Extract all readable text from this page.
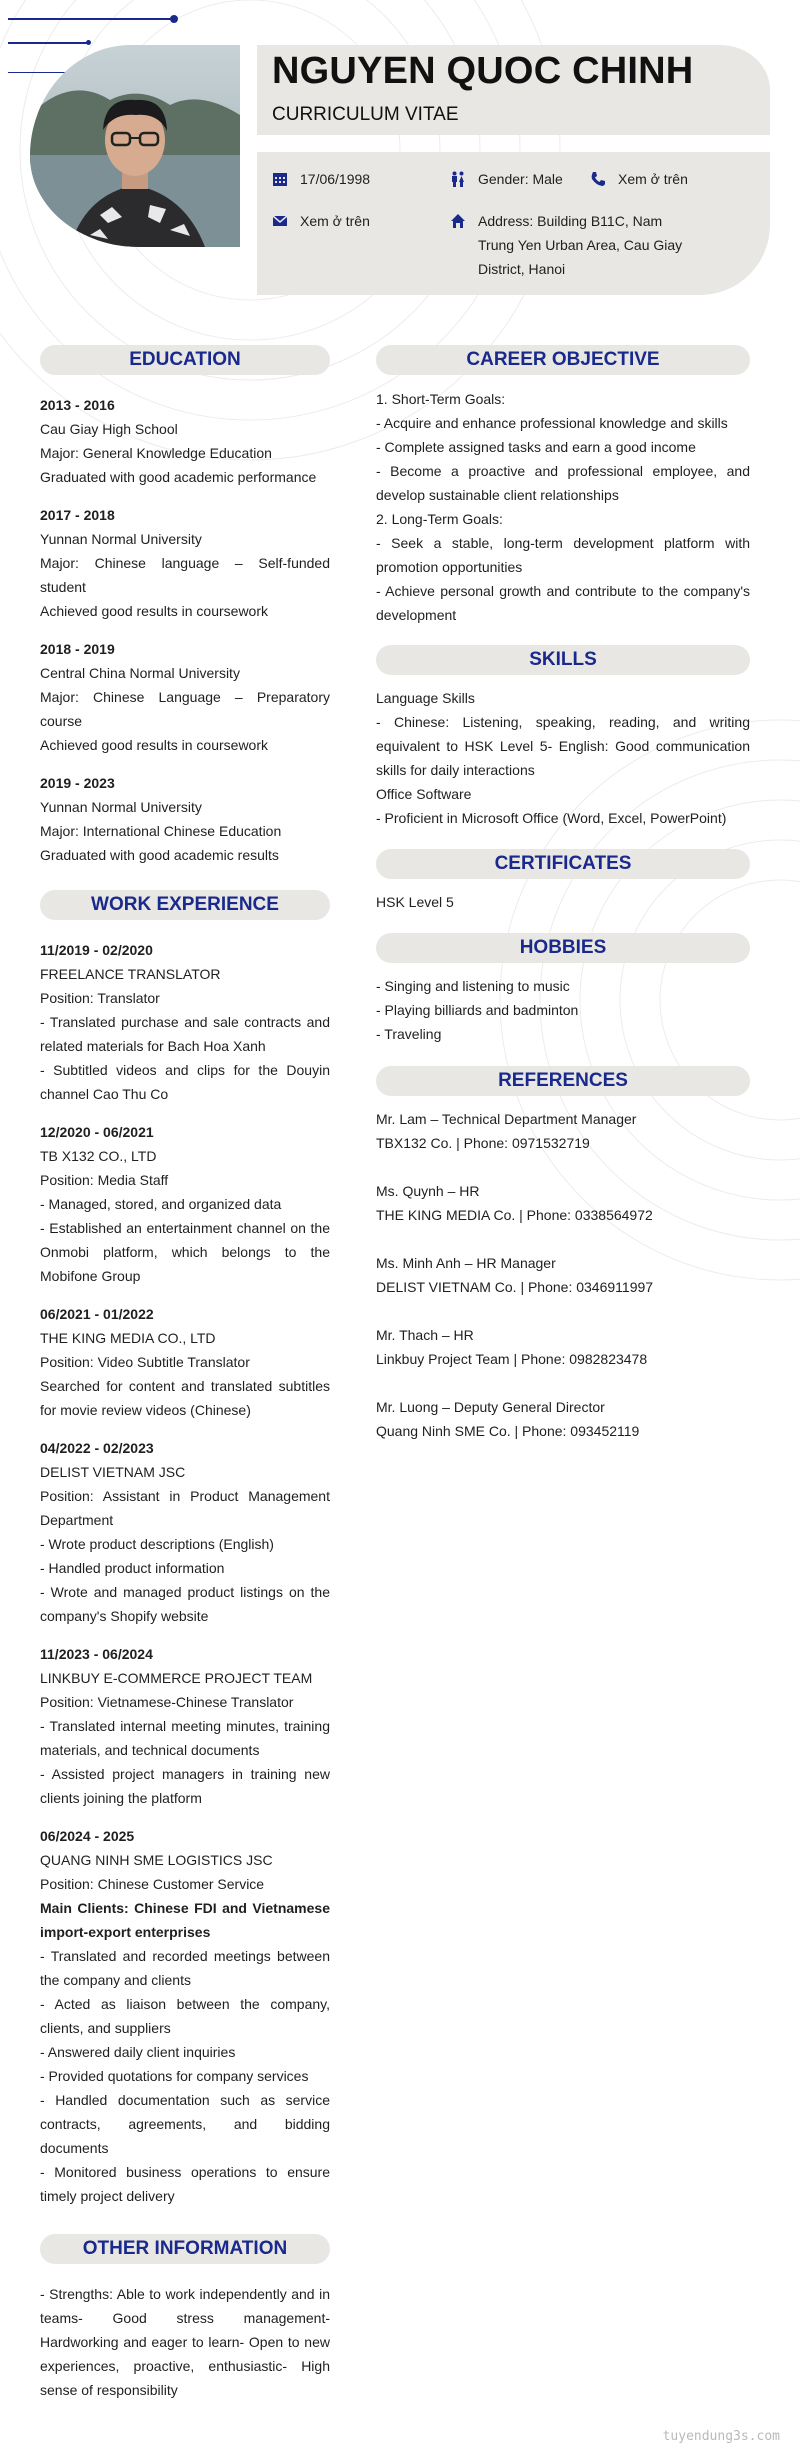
NGUYEN QUOC CHINH
CURRICULUM VITAE
17/06/1998	Gender: Male	Xem ở trên
Xem ở trên	Address: Building B11C, Nam
Trung Yen Urban Area, Cau Giay
District, Hanoi
EDUCATION

2013 - 2016

Cau Giay High School

Major: General Knowledge Education

Graduated with good academic performance

2017 - 2018

Yunnan Normal University

Major: Chinese language – Self-funded student

Achieved good results in coursework

2018 - 2019

Central China Normal University

Major: Chinese Language – Preparatory course

Achieved good results in coursework

2019 - 2023

Yunnan Normal University

Major: International Chinese Education

Graduated with good academic results

WORK EXPERIENCE

11/2019 - 02/2020

FREELANCE TRANSLATOR

Position: Translator

- Translated purchase and sale contracts and related materials for Bach Hoa Xanh

- Subtitled videos and clips for the Douyin channel Cao Thu Co

12/2020 - 06/2021

TB X132 CO., LTD

Position: Media Staff

- Managed, stored, and organized data

- Established an entertainment channel on the Onmobi platform, which belongs to the Mobifone Group

06/2021 - 01/2022

THE KING MEDIA CO., LTD

Position: Video Subtitle Translator

Searched for content and translated subtitles for movie review videos (Chinese)

04/2022 - 02/2023

DELIST VIETNAM JSC

Position: Assistant in Product Management Department

- Wrote product descriptions (English)

- Handled product information

- Wrote and managed product listings on the company's Shopify website

11/2023 - 06/2024

LINKBUY E-COMMERCE PROJECT TEAM

Position: Vietnamese-Chinese Translator

- Translated internal meeting minutes, training materials, and technical documents

- Assisted project managers in training new clients joining the platform

06/2024 - 2025

QUANG NINH SME LOGISTICS JSC

Position: Chinese Customer Service

Main Clients: Chinese FDI and Vietnamese import-export enterprises

- Translated and recorded meetings between the company and clients

- Acted as liaison between the company, clients, and suppliers

- Answered daily client inquiries

- Provided quotations for company services

- Handled documentation such as service contracts, agreements, and bidding documents

- Monitored business operations to ensure timely project delivery

OTHER INFORMATION

- Strengths: Able to work independently and in teams- Good stress management- Hardworking and eager to learn- Open to new experiences, proactive, enthusiastic- High sense of responsibility

CAREER OBJECTIVE

1. Short-Term Goals:

- Acquire and enhance professional knowledge and skills

- Complete assigned tasks and earn a good income

- Become a proactive and professional employee, and develop sustainable client relationships

2. Long-Term Goals:

- Seek a stable, long-term development platform with promotion opportunities

- Achieve personal growth and contribute to the company's development

SKILLS

Language Skills

- Chinese: Listening, speaking, reading, and writing equivalent to HSK Level 5- English: Good communication skills for daily interactions

Office Software

- Proficient in Microsoft Office (Word, Excel, PowerPoint)

CERTIFICATES

HSK Level 5

HOBBIES

- Singing and listening to music

- Playing billiards and badminton

- Traveling

REFERENCES

Mr. Lam – Technical Department Manager

TBX132 Co. | Phone: 0971532719

Ms. Quynh – HR

THE KING MEDIA Co. | Phone: 0338564972

Ms. Minh Anh – HR Manager

DELIST VIETNAM Co. | Phone: 0346911997

Mr. Thach – HR

Linkbuy Project Team | Phone: 0982823478

Mr. Luong – Deputy General Director

Quang Ninh SME Co. | Phone: 093452119

tuyendung3s.com
